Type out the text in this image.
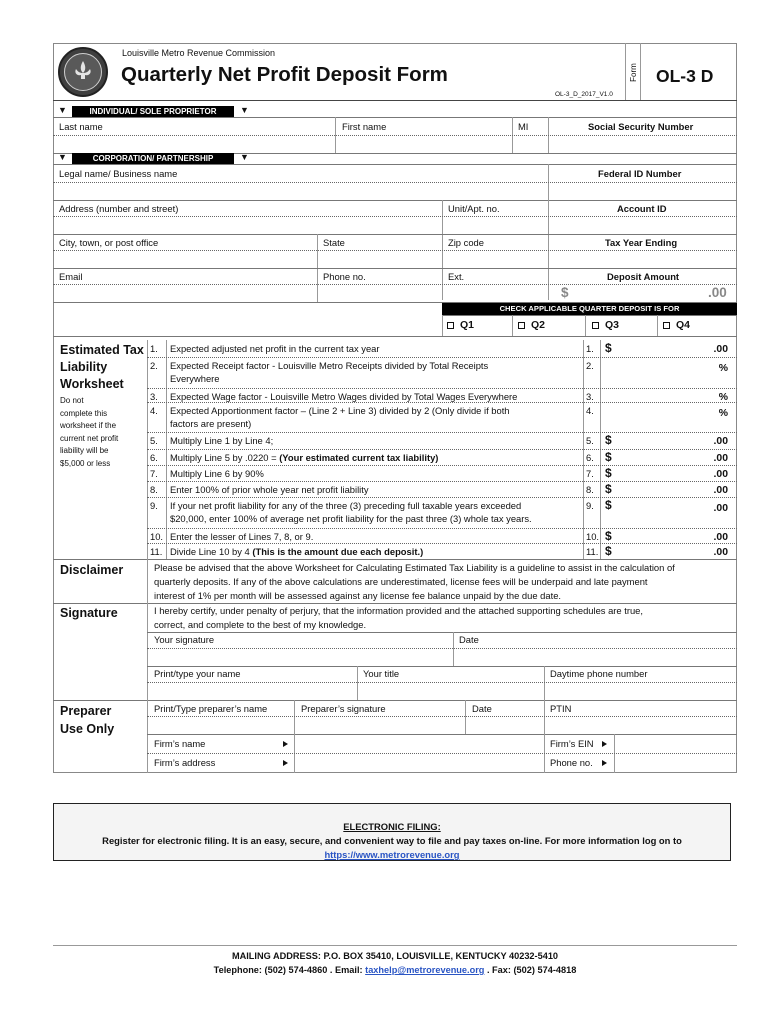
Louisville Metro Revenue Commission
Quarterly Net Profit Deposit Form
OL-3_D_2017_V1.0
Form OL-3 D
▼	INDIVIDUAL/ SOLE PROPRIETOR	▼
Last name	First name	MI	Social Security Number
▼	CORPORATION/ PARTNERSHIP	▼
Legal name/ Business name	Federal ID Number
Address (number and street)	Unit/Apt. no.	Account ID
City, town, or post office	State	Zip code	Tax Year Ending
Email	Phone no.	Ext.	Deposit Amount
$	.00
CHECK APPLICABLE QUARTER DEPOSIT IS FOR
Q1	Q2	Q3	Q4
Estimated Tax
Liability
Worksheet
Do not
complete this
worksheet if the
current net profit
liability will be
$5,000 or less
1. Expected adjusted net profit in the current tax year	1. $	.00
2. Expected Receipt factor - Louisville Metro Receipts divided by Total Receipts
Everywhere
2.	%
3. Expected Wage factor - Louisville Metro Wages divided by Total Wages Everywhere	3.	%
4. Expected Apportionment factor – (Line 2 + Line 3) divided by 2 (Only divide if both
factors are present)
4.	%
5. Multiply Line 1 by Line 4;	5. $	.00
6. Multiply Line 5 by .0220 = (Your estimated current tax liability)	6. $	.00
7. Multiply Line 6 by 90%	7. $	.00
8. Enter 100% of prior whole year net profit liability	8. $	.00
9. If your net profit liability for any of the three (3) preceding full taxable years exceeded
$20,000, enter 100% of average net profit liability for the past three (3) whole tax years.
9. $	.00
10. Enter the lesser of Lines 7, 8, or 9.	10. $	.00
11. Divide Line 10 by 4 (This is the amount due each deposit.)	11. $	.00
Disclaimer	Please be advised that the above Worksheet for Calculating Estimated Tax Liability is a guideline to assist in the calculation of
quarterly deposits. If any of the above calculations are underestimated, license fees will be underpaid and late payment
interest of 1% per month will be assessed against any license fee balance unpaid by the due date.
Signature	I hereby certify, under penalty of perjury, that the information provided and the attached supporting schedules are true,
correct, and complete to the best of my knowledge.
Your signature	Date
Print/type your name	Your title	Daytime phone number
Preparer
Use Only
Print/Type preparer’s name	Preparer’s signature	Date	PTIN
Firm’s name	Firm’s EIN
Firm’s address	Phone no.
ELECTRONIC FILING:
Register for electronic filing. It is an easy, secure, and convenient way to file and pay taxes on-line. For more information log on to
https://www.metrorevenue.org
MAILING ADDRESS: P.O. BOX 35410, LOUISVILLE, KENTUCKY 40232-5410
Telephone: (502) 574-4860 . Email: taxhelp@metrorevenue.org . Fax: (502) 574-4818
